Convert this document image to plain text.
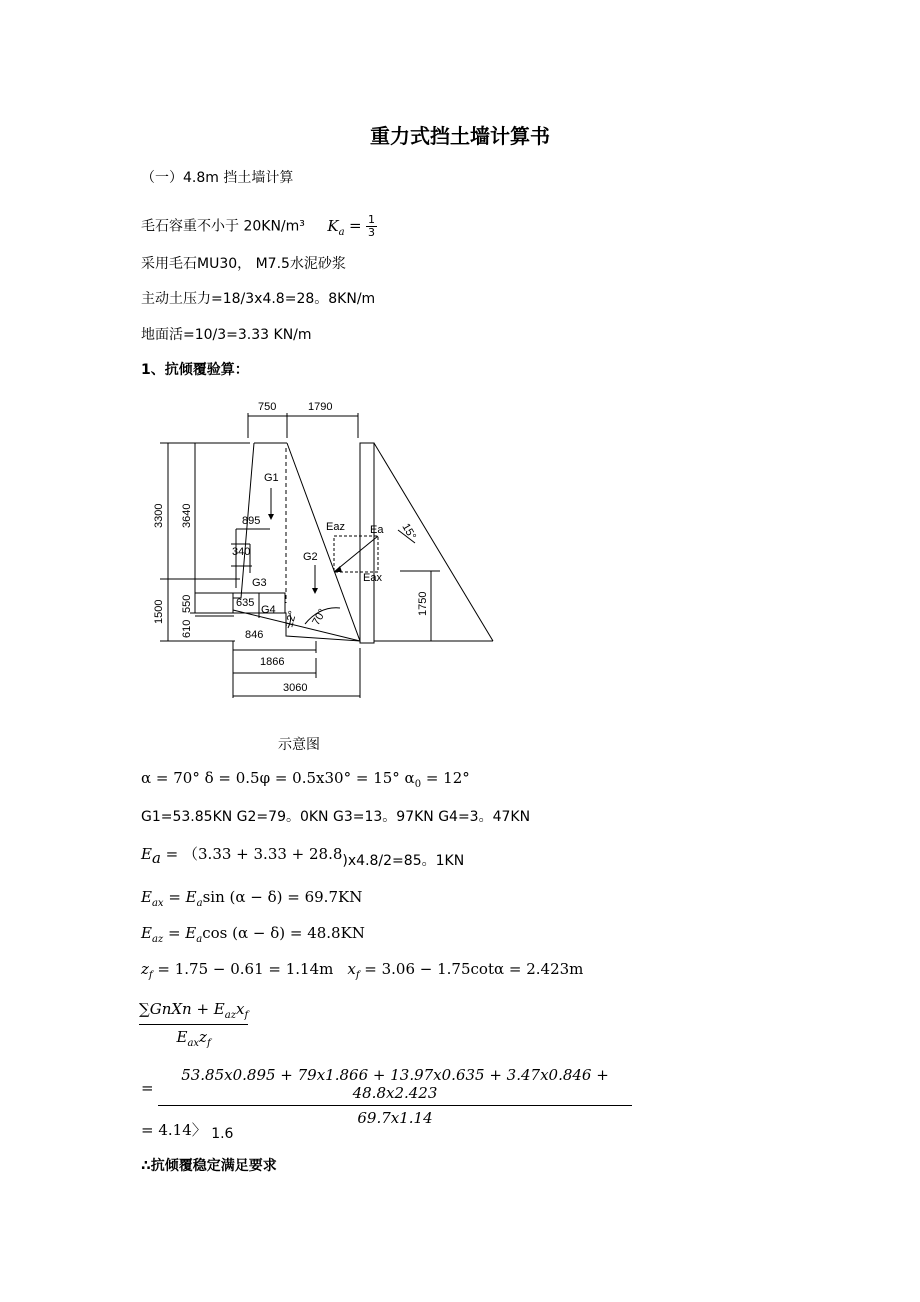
重力式挡土墙计算书
（一）4.8m 挡土墙计算
毛石容重不小于 20KN/m³ $K_a = \frac{1}{3}$
采用毛石MU30， M7.5水泥砂浆
主动土压力=18/3x4.8=28。8KN/m
地面活=10/3=3.33 KN/m
1、抗倾覆验算：
750	1790
3300 3640
1500 550
610
895
340
635
846
1866
3060
1750
G1
G2
G3
G4
Eaz Ea
Eax
15°
70°
12°
示意图
α = 70° δ = 0.5φ = 0.5x30° = 15° $\alpha_0 = 12^\circ$
G1=53.85KN G2=79。0KN G3=13。97KN G4=3。47KN
$E_a = (3.33 + 3.33 + 28.8)x4.8/2=85$。1KN
$E_{ax} = E_a\sin$ (α − δ) = 69.7KN
$E_{az} = E_a\cos$ (α − δ) = 48.8KN
$z_f = 1.75 - 0.61 = 1.14m$ $x_f = 3.06 - 1.75\cot\alpha = 2.423m$
∑GnXn + $E_{az}x_f$
$E_{ax}z_f$
=
53.85x0.895 + 79x1.866 + 13.97x0.635 + 3.47x0.846 + 48.8x2.423
69.7x1.14
= 4.14〉 1.6
∴抗倾覆稳定满足要求
